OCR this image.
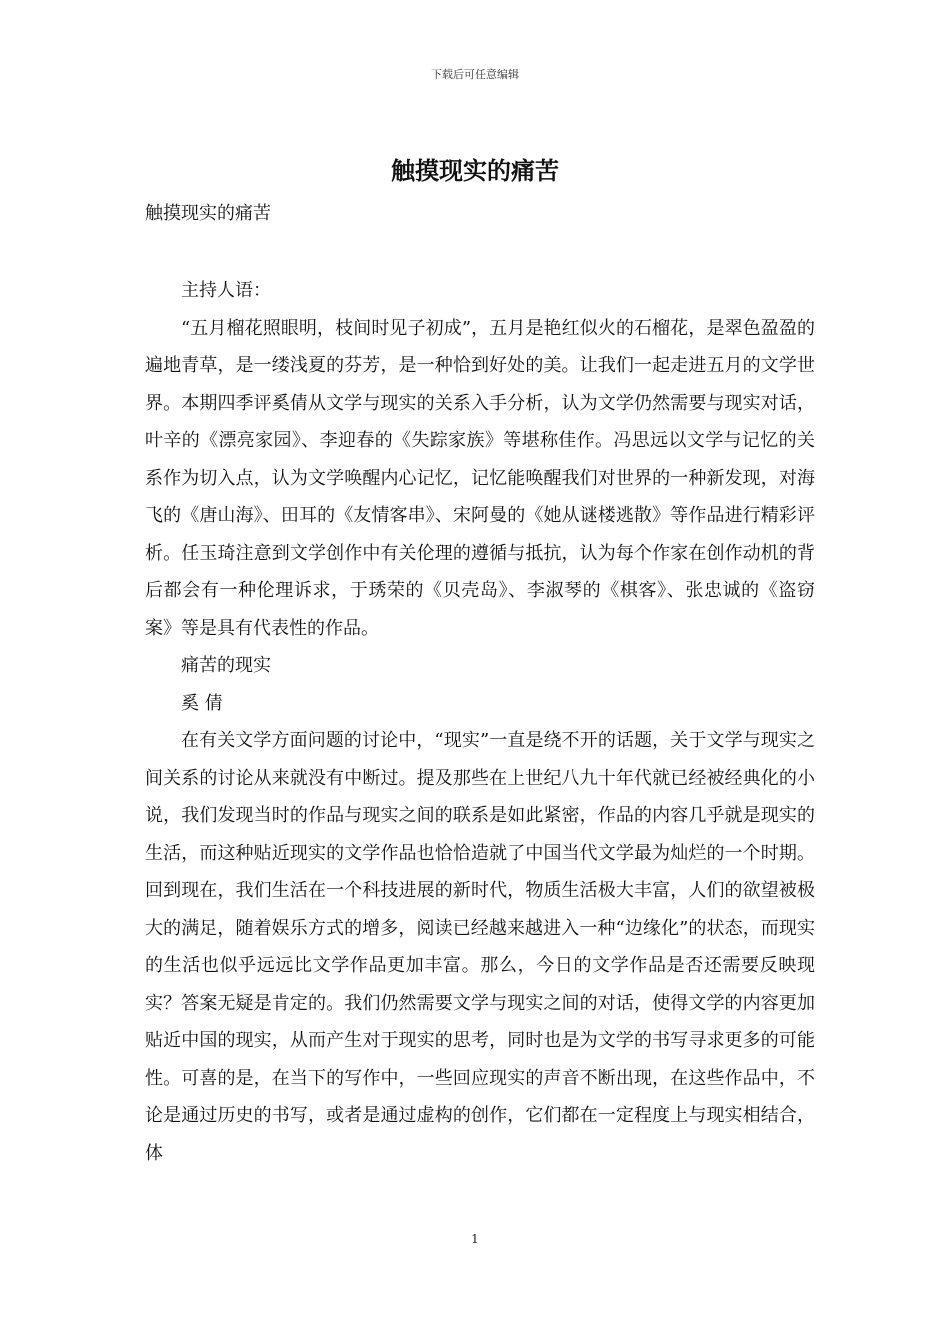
下载后可任意编辑
触摸现实的痛苦
触摸现实的痛苦

主持人语：

“五月榴花照眼明，枝间时见子初成”，五月是艳红似火的石榴花，是翠色盈盈的遍地青草，是一缕浅夏的芬芳，是一种恰到好处的美。让我们一起走进五月的文学世界。本期四季评奚倩从文学与现实的关系入手分析，认为文学仍然需要与现实对话，叶辛的《漂亮家园》、李迎春的《失踪家族》等堪称佳作。冯思远以文学与记忆的关系作为切入点，认为文学唤醒内心记忆，记忆能唤醒我们对世界的一种新发现，对海飞的《唐山海》、田耳的《友情客串》、宋阿曼的《她从谜楼逃散》等作品进行精彩评析。任玉琦注意到文学创作中有关伦理的遵循与抵抗，认为每个作家在创作动机的背后都会有一种伦理诉求，于琇荣的《贝壳岛》、李淑琴的《棋客》、张忠诚的《盗窃案》等是具有代表性的作品。

痛苦的现实

奚 倩

在有关文学方面问题的讨论中，“现实”一直是绕不开的话题，关于文学与现实之间关系的讨论从来就没有中断过。提及那些在上世纪八九十年代就已经被经典化的小说，我们发现当时的作品与现实之间的联系是如此紧密，作品的内容几乎就是现实的生活，而这种贴近现实的文学作品也恰恰造就了中国当代文学最为灿烂的一个时期。回到现在，我们生活在一个科技进展的新时代，物质生活极大丰富，人们的欲望被极大的满足，随着娱乐方式的增多，阅读已经越来越进入一种“边缘化”的状态，而现实的生活也似乎远远比文学作品更加丰富。那么，今日的文学作品是否还需要反映现实？答案无疑是肯定的。我们仍然需要文学与现实之间的对话，使得文学的内容更加贴近中国的现实，从而产生对于现实的思考，同时也是为文学的书写寻求更多的可能性。可喜的是，在当下的写作中，一些回应现实的声音不断出现，在这些作品中，不论是通过历史的书写，或者是通过虚构的创作，它们都在一定程度上与现实相结合，体

1
